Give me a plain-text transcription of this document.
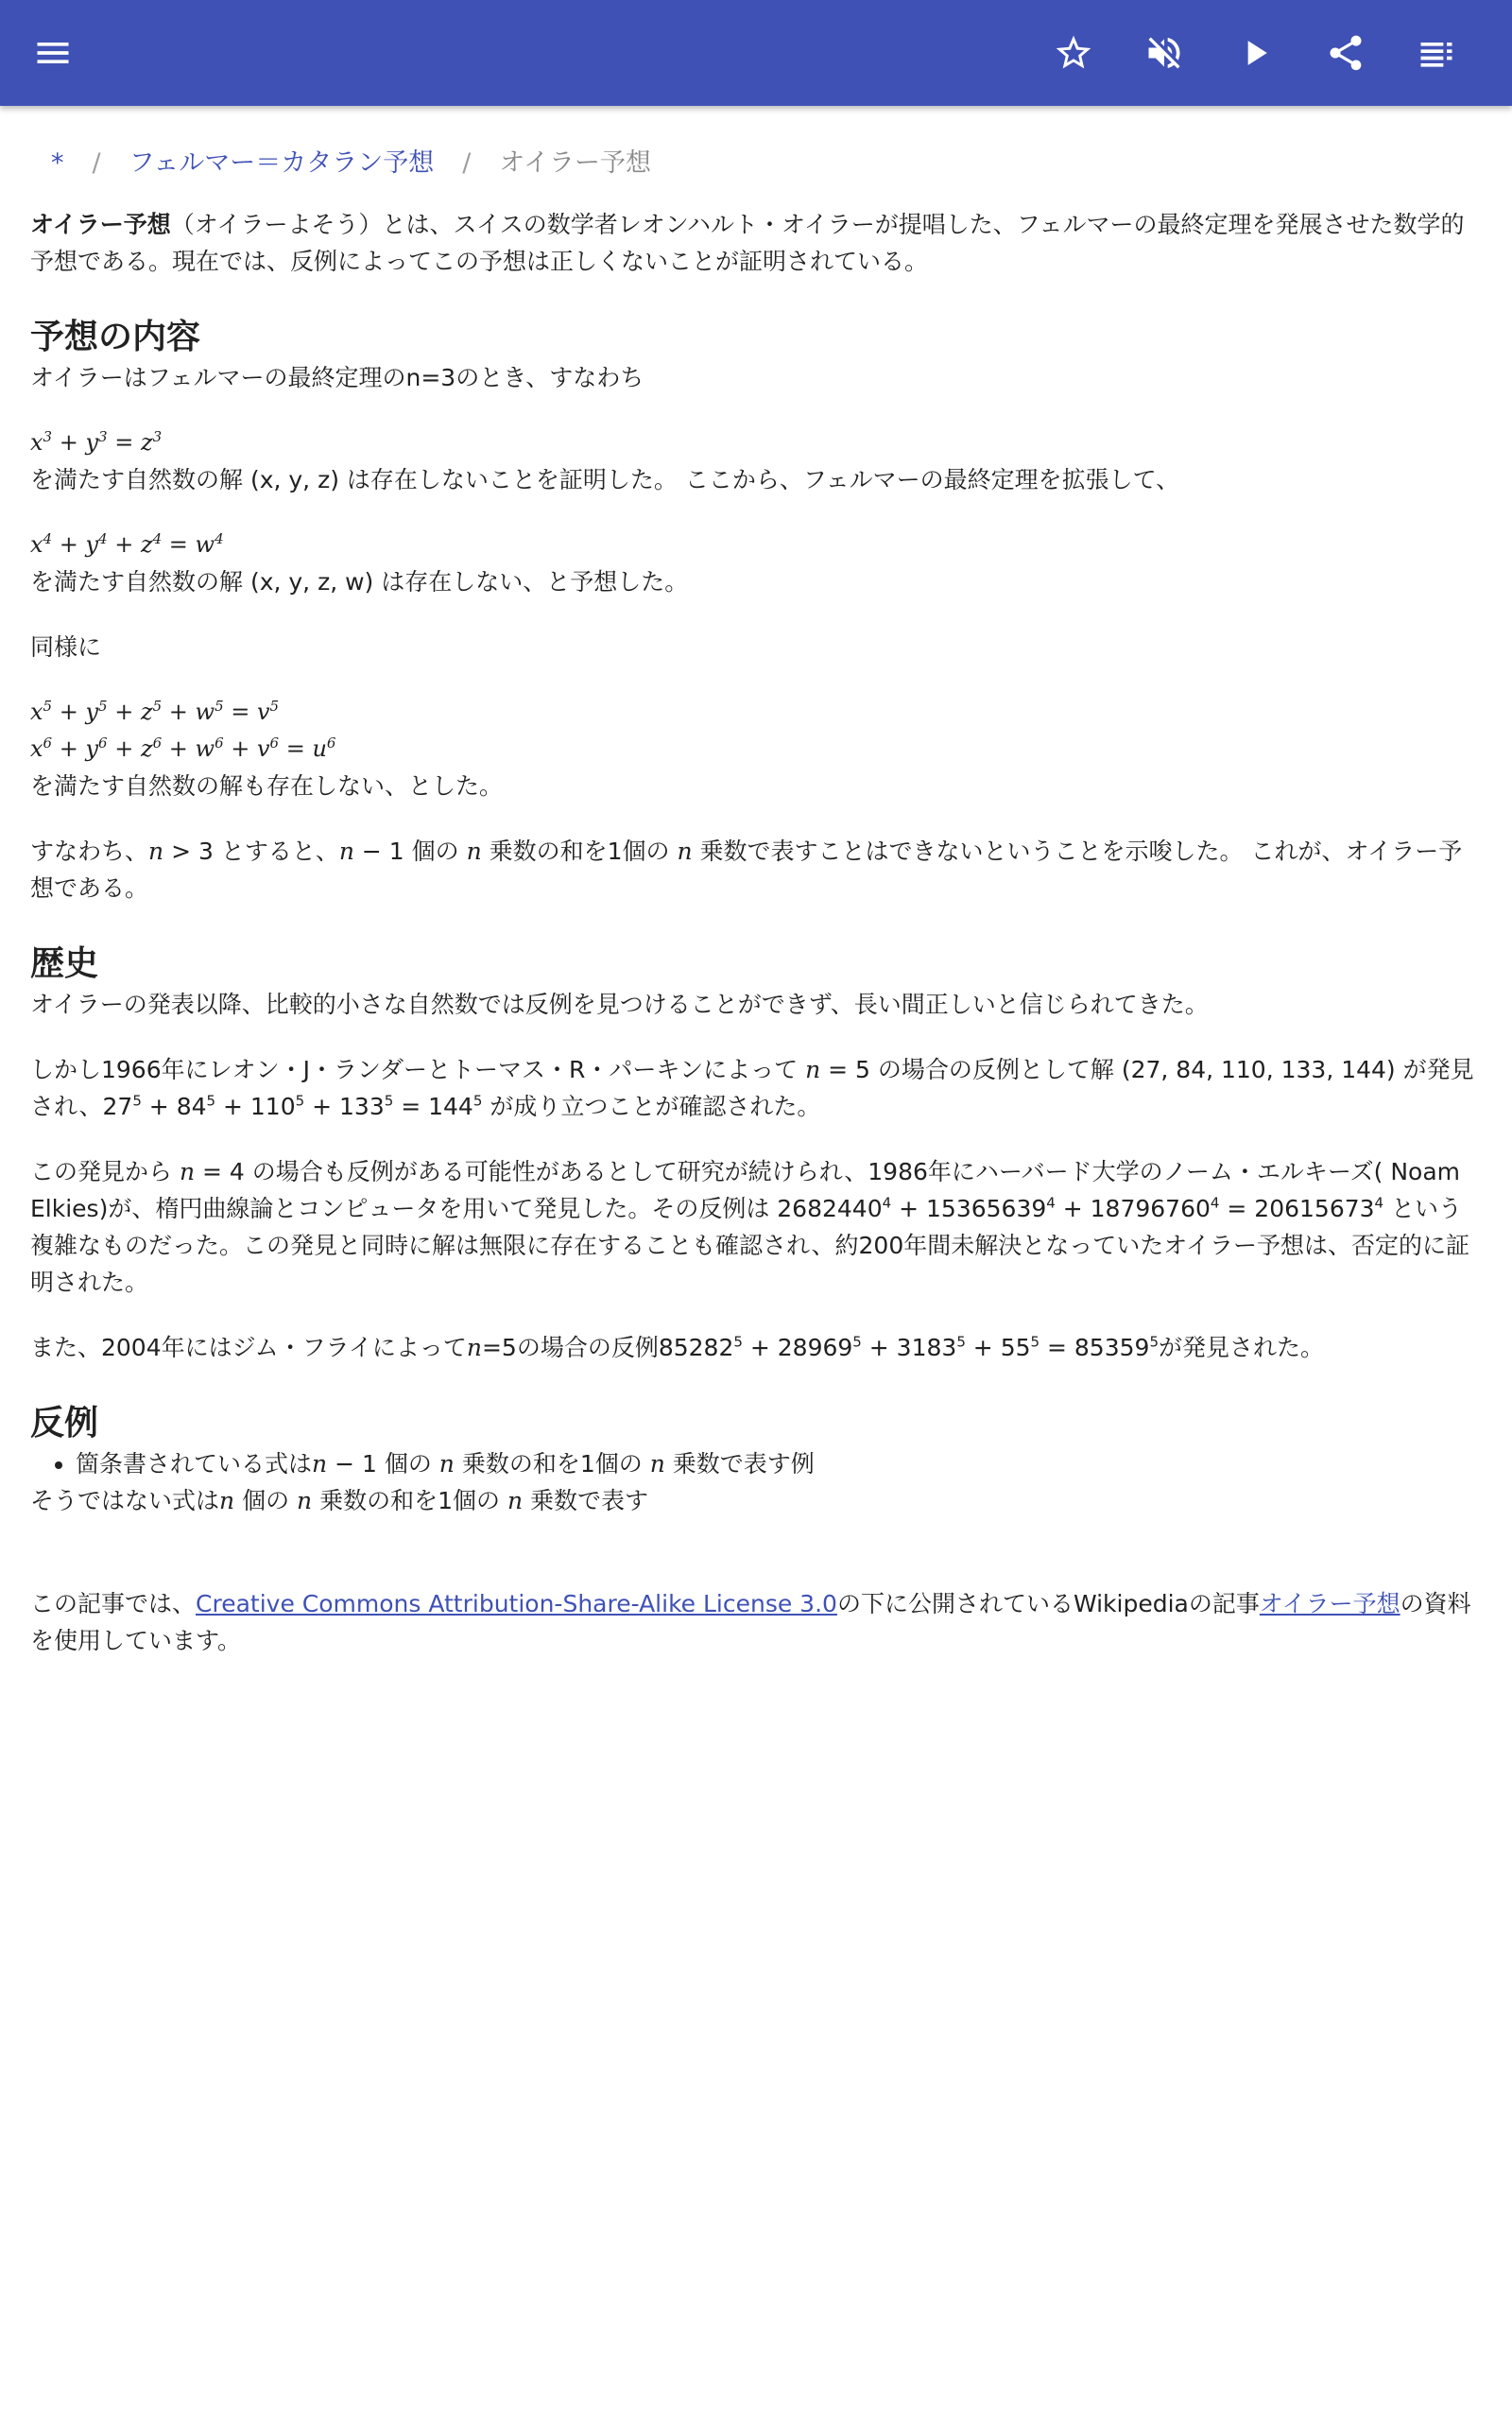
* / フェルマー＝カタラン予想 / オイラー予想

オイラー予想（オイラーよそう）とは、スイスの数学者レオンハルト・オイラーが提唱した、フェルマーの最終定理を発展させた数学的予想である。現在では、反例によってこの予想は正しくないことが証明されている。

予想の内容

オイラーはフェルマーの最終定理のn=3のとき、すなわち

$x^3 + y^3 = z^3$

を満たす自然数の解 (x, y, z) は存在しないことを証明した。 ここから、フェルマーの最終定理を拡張して、

$x^4 + y^4 + z^4 = w^4$

を満たす自然数の解 (x, y, z, w) は存在しない、と予想した。

同様に

$x^5 + y^5 + z^5 + w^5 = v^5$

$x^6 + y^6 + z^6 + w^6 + v^6 = u^6$

を満たす自然数の解も存在しない、とした。

すなわち、n > 3 とすると、n − 1 個の n 乗数の和を1個の n 乗数で表すことはできないということを示唆した。 これが、オイラー予想である。

歴史

オイラーの発表以降、比較的小さな自然数では反例を見つけることができず、長い間正しいと信じられてきた。

しかし1966年にレオン・J・ランダーとトーマス・R・パーキンによって n = 5 の場合の反例として解 (27, 84, 110, 133, 144) が発見され、$27^5 + 84^5 + 110^5 + 133^5 = 144^5$ が成り立つことが確認された。

この発見から n = 4 の場合も反例がある可能性があるとして研究が続けられ、1986年にハーバード大学のノーム・エルキーズ( Noam Elkies)が、楕円曲線論とコンピュータを用いて発見した。その反例は $2682440^4 + 15365639^4 + 18796760^4 = 20615673^4$ という複雑なものだった。この発見と同時に解は無限に存在することも確認され、約200年間未解決となっていたオイラー予想は、否定的に証明された。

また、2004年にはジム・フライによってn=5の場合の反例$85282^5 + 28969^5 + 3183^5 + 55^5 = 85359^5$が発見された。

反例
• 箇条書されている式はn − 1 個の n 乗数の和を1個の n 乗数で表す例

そうではない式はn 個の n 乗数の和を1個の n 乗数で表す

この記事では、Creative Commons Attribution-Share-Alike License 3.0の下に公開されているWikipediaの記事オイラー予想の資料を使用しています。
